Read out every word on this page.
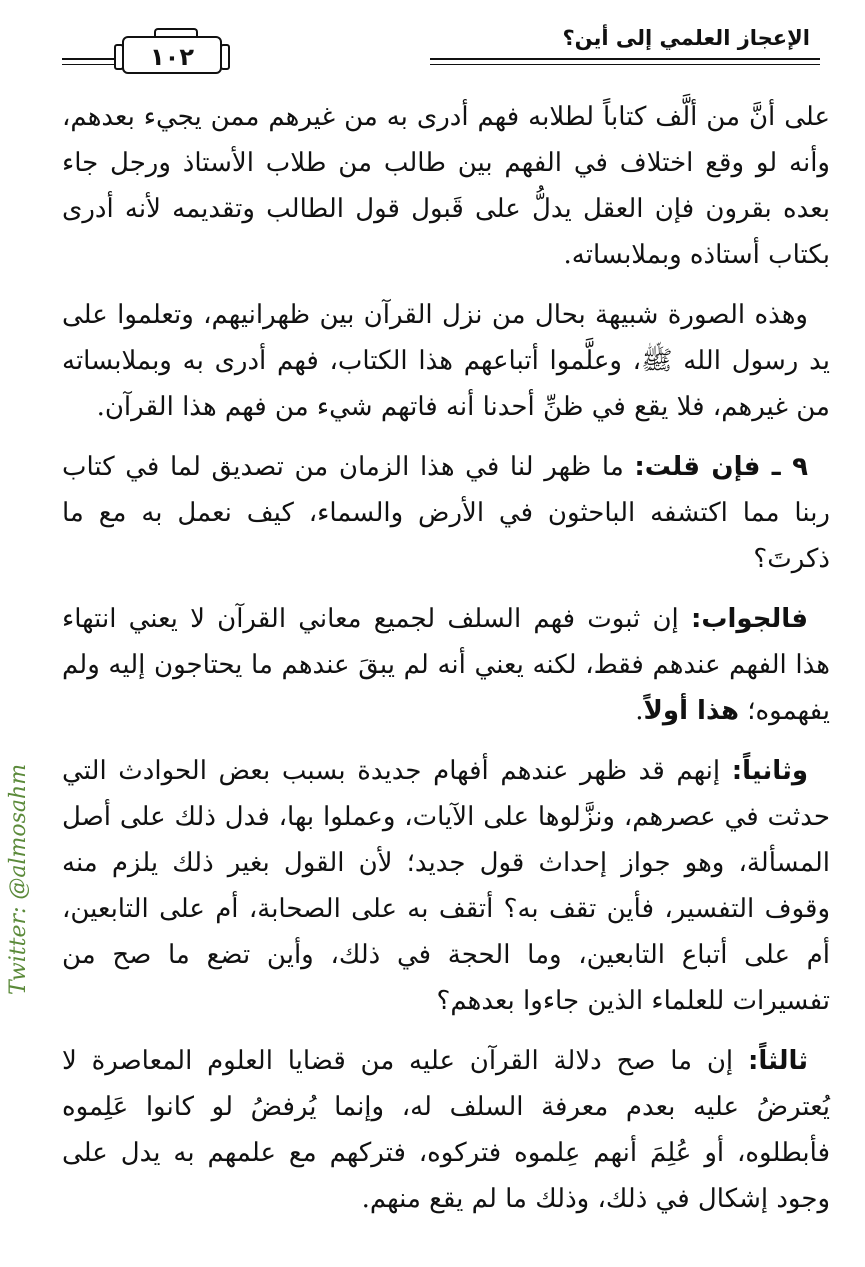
الإعجاز العلمي إلى أين؟
١٠٢

على أنَّ من ألَّف كتاباً لطلابه فهم أدرى به من غيرهم ممن يجيء بعدهم، وأنه لو وقع اختلاف في الفهم بين طالب من طلاب الأستاذ ورجل جاء بعده بقرون فإن العقل يدلُّ على قَبول قول الطالب وتقديمه لأنه أدرى بكتاب أستاذه وبملابساته.

وهذه الصورة شبيهة بحال من نزل القرآن بين ظهرانيهم، وتعلموا على يد رسول الله ﷺ، وعلَّموا أتباعهم هذا الكتاب، فهم أدرى به وبملابساته من غيرهم، فلا يقع في ظنِّ أحدنا أنه فاتهم شيء من فهم هذا القرآن.

٩ ـ فإن قلت: ما ظهر لنا في هذا الزمان من تصديق لما في كتاب ربنا مما اكتشفه الباحثون في الأرض والسماء، كيف نعمل به مع ما ذكرتَ؟

فالجواب: إن ثبوت فهم السلف لجميع معاني القرآن لا يعني انتهاء هذا الفهم عندهم فقط، لكنه يعني أنه لم يبقَ عندهم ما يحتاجون إليه ولم يفهموه؛ هذا أولاً.

وثانياً: إنهم قد ظهر عندهم أفهام جديدة بسبب بعض الحوادث التي حدثت في عصرهم، ونزَّلوها على الآيات، وعملوا بها، فدل ذلك على أصل المسألة، وهو جواز إحداث قول جديد؛ لأن القول بغير ذلك يلزم منه وقوف التفسير، فأين تقف به؟ أتقف به على الصحابة، أم على التابعين، أم على أتباع التابعين، وما الحجة في ذلك، وأين تضع ما صح من تفسيرات للعلماء الذين جاءوا بعدهم؟

ثالثاً: إن ما صح دلالة القرآن عليه من قضايا العلوم المعاصرة لا يُعترضُ عليه بعدم معرفة السلف له، وإنما يُرفضُ لو كانوا عَلِموه فأبطلوه، أو عُلِمَ أنهم عِلموه فتركوه، فتركهم مع علمهم به يدل على وجود إشكال في ذلك، وذلك ما لم يقع منهم.

Twitter: @almosahm
